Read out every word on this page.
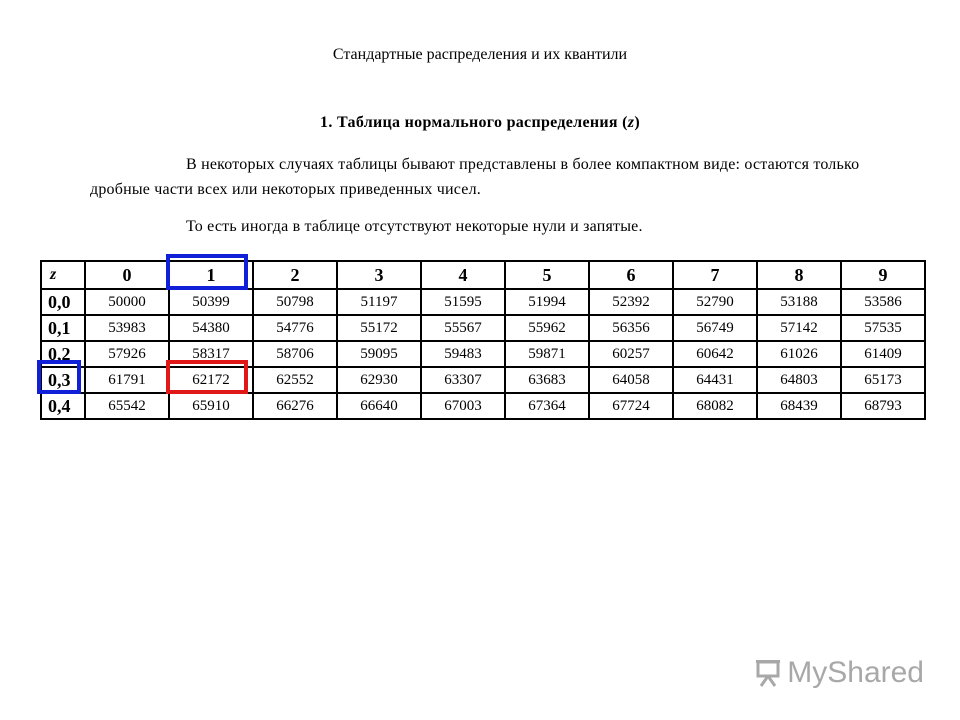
Стандартные распределения и их квантили
1. Таблица нормального распределения (z)
В некоторых случаях таблицы бывают представлены в более компактном виде: остаются только дробные части всех или некоторых приведенных чисел.
То есть иногда в таблице отсутствуют некоторые нули и запятые.
z	0	1	2	3	4	5	6	7	8	9
0,0	50000	50399	50798	51197	51595	51994	52392	52790	53188	53586
0,1	53983	54380	54776	55172	55567	55962	56356	56749	57142	57535
0,2	57926	58317	58706	59095	59483	59871	60257	60642	61026	61409
0,3	61791	62172	62552	62930	63307	63683	64058	64431	64803	65173
0,4	65542	65910	66276	66640	67003	67364	67724	68082	68439	68793
MyShared
